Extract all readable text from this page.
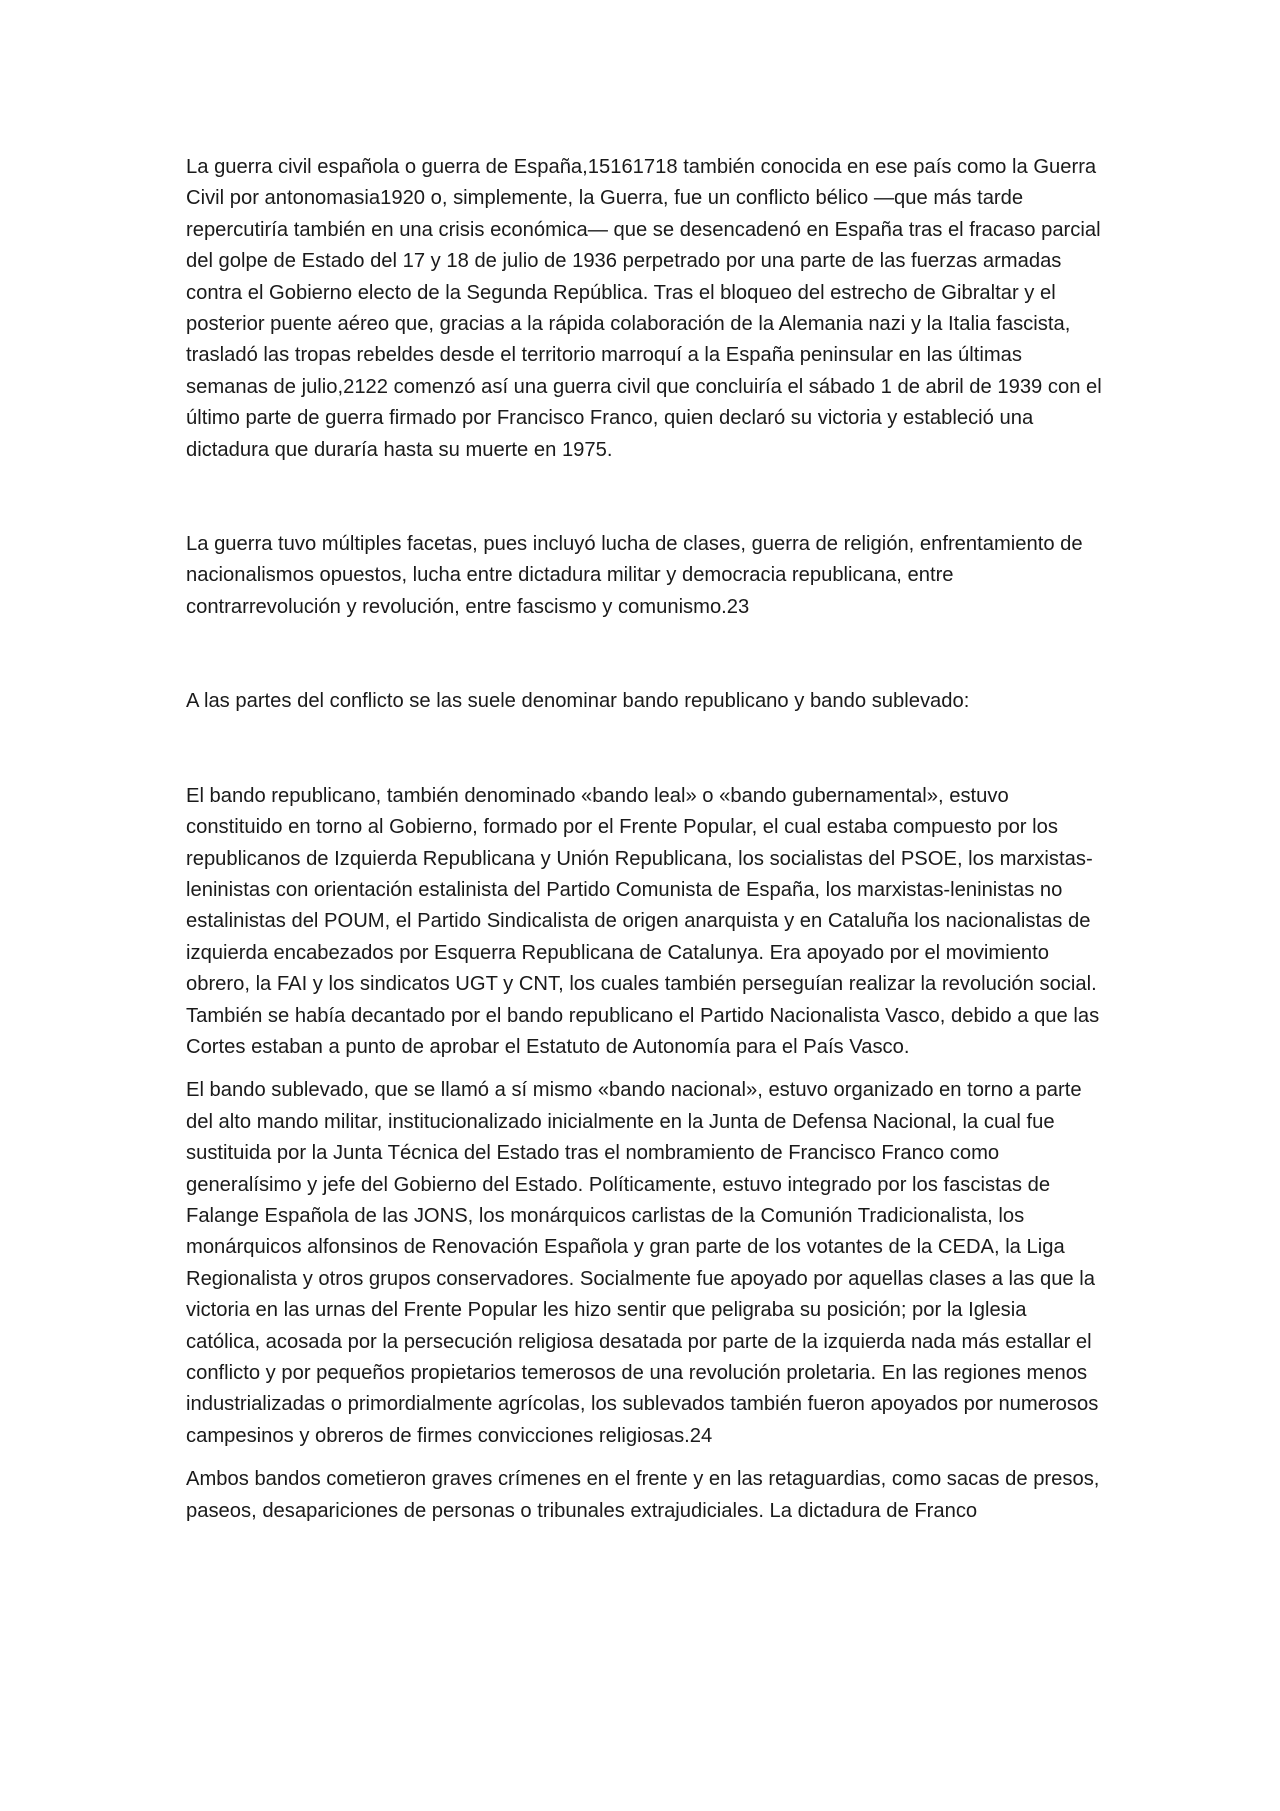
La guerra civil española o guerra de España,15161718 también conocida en ese país como la Guerra Civil por antonomasia1920 o, simplemente, la Guerra, fue un conflicto bélico —que más tarde repercutiría también en una crisis económica— que se desencadenó en España tras el fracaso parcial del golpe de Estado del 17 y 18 de julio de 1936 perpetrado por una parte de las fuerzas armadas contra el Gobierno electo de la Segunda República. Tras el bloqueo del estrecho de Gibraltar y el posterior puente aéreo que, gracias a la rápida colaboración de la Alemania nazi y la Italia fascista, trasladó las tropas rebeldes desde el territorio marroquí a la España peninsular en las últimas semanas de julio,2122 comenzó así una guerra civil que concluiría el sábado 1 de abril de 1939 con el último parte de guerra firmado por Francisco Franco, quien declaró su victoria y estableció una dictadura que duraría hasta su muerte en 1975.

La guerra tuvo múltiples facetas, pues incluyó lucha de clases, guerra de religión, enfrentamiento de nacionalismos opuestos, lucha entre dictadura militar y democracia republicana, entre contrarrevolución y revolución, entre fascismo y comunismo.23

A las partes del conflicto se las suele denominar bando republicano y bando sublevado:

El bando republicano, también denominado «bando leal» o «bando gubernamental», estuvo constituido en torno al Gobierno, formado por el Frente Popular, el cual estaba compuesto por los republicanos de Izquierda Republicana y Unión Republicana, los socialistas del PSOE, los marxistas-leninistas con orientación estalinista del Partido Comunista de España, los marxistas-leninistas no estalinistas del POUM, el Partido Sindicalista de origen anarquista y en Cataluña los nacionalistas de izquierda encabezados por Esquerra Republicana de Catalunya. Era apoyado por el movimiento obrero, la FAI y los sindicatos UGT y CNT, los cuales también perseguían realizar la revolución social. También se había decantado por el bando republicano el Partido Nacionalista Vasco, debido a que las Cortes estaban a punto de aprobar el Estatuto de Autonomía para el País Vasco.

El bando sublevado, que se llamó a sí mismo «bando nacional», estuvo organizado en torno a parte del alto mando militar, institucionalizado inicialmente en la Junta de Defensa Nacional, la cual fue sustituida por la Junta Técnica del Estado tras el nombramiento de Francisco Franco como generalísimo y jefe del Gobierno del Estado. Políticamente, estuvo integrado por los fascistas de Falange Española de las JONS, los monárquicos carlistas de la Comunión Tradicionalista, los monárquicos alfonsinos de Renovación Española y gran parte de los votantes de la CEDA, la Liga Regionalista y otros grupos conservadores. Socialmente fue apoyado por aquellas clases a las que la victoria en las urnas del Frente Popular les hizo sentir que peligraba su posición; por la Iglesia católica, acosada por la persecución religiosa desatada por parte de la izquierda nada más estallar el conflicto y por pequeños propietarios temerosos de una revolución proletaria. En las regiones menos industrializadas o primordialmente agrícolas, los sublevados también fueron apoyados por numerosos campesinos y obreros de firmes convicciones religiosas.24

Ambos bandos cometieron graves crímenes en el frente y en las retaguardias, como sacas de presos, paseos, desapariciones de personas o tribunales extrajudiciales. La dictadura de Franco
